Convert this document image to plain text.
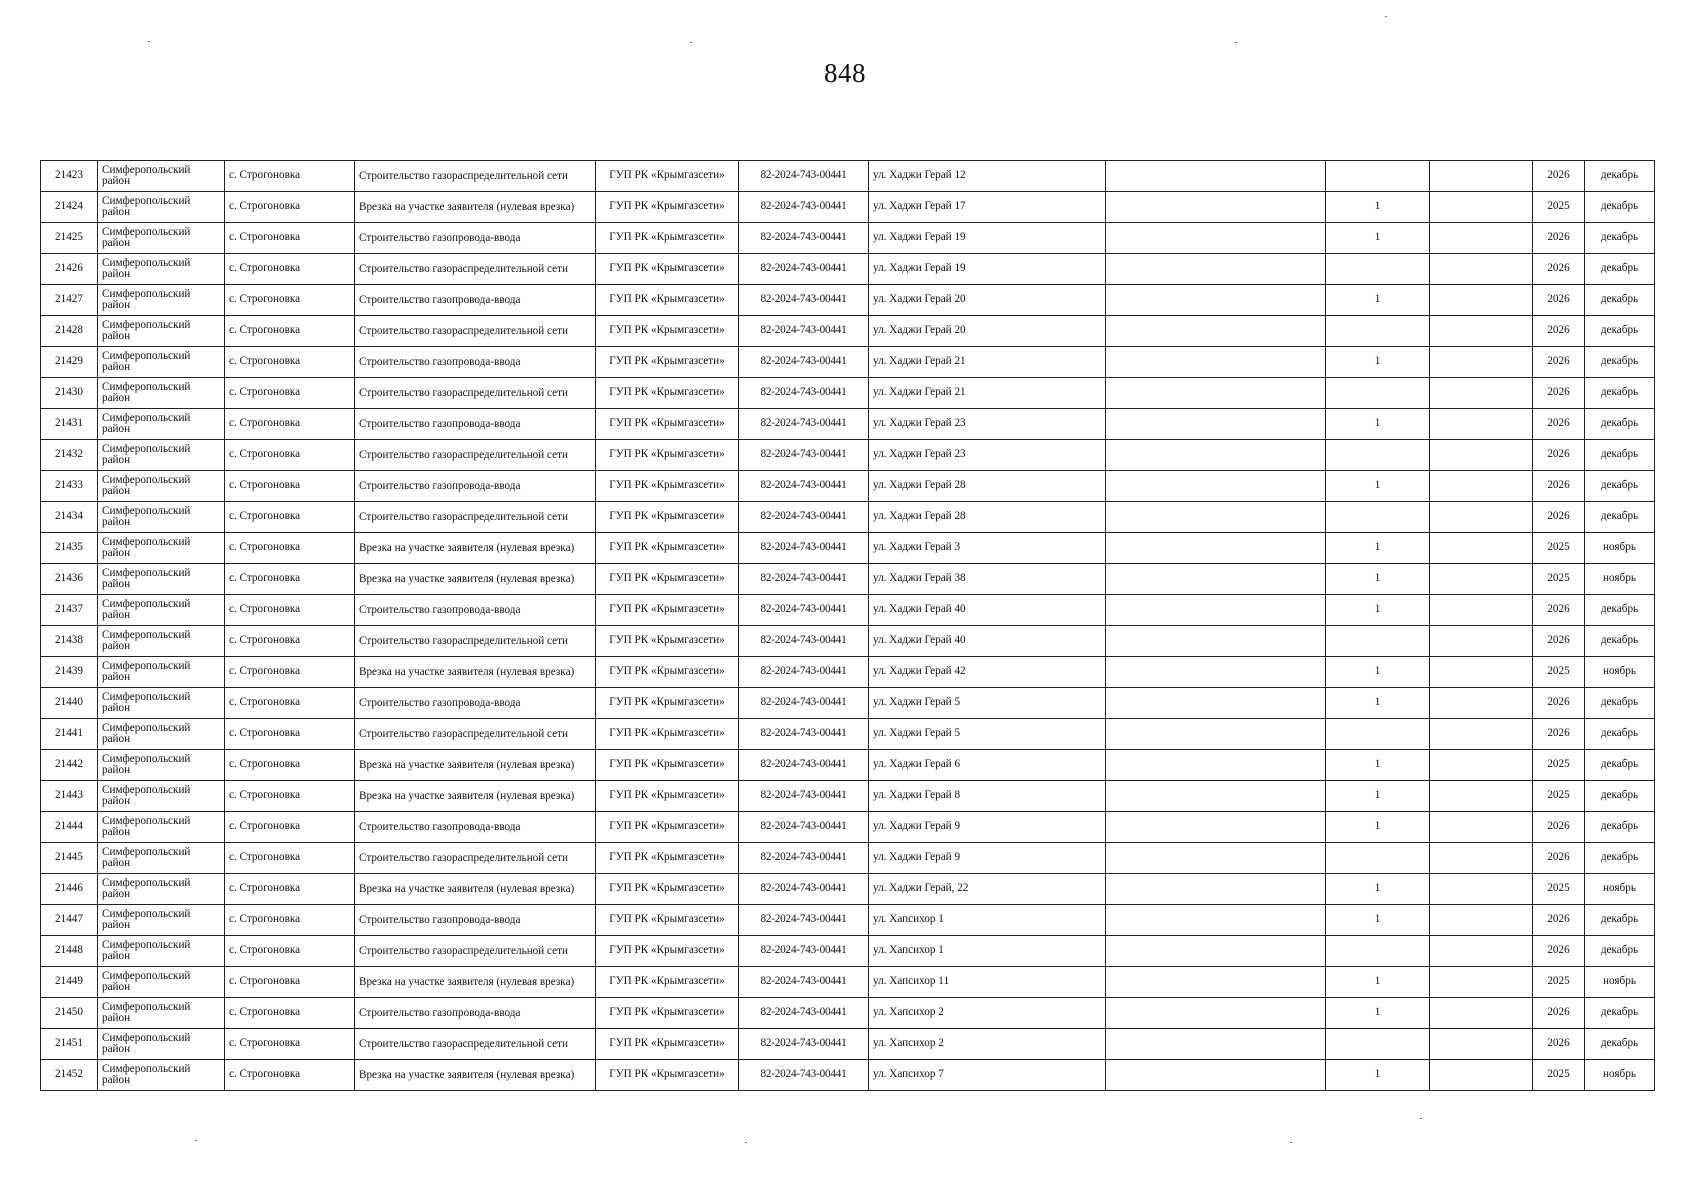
848
21423	Симферопольский район	с. Строгоновка	Строительство газораспределительной сети	ГУП РК «Крымгазсети»	82-2024-743-00441	ул. Хаджи Герай 12				2026	декабрь
21424	Симферопольский район	с. Строгоновка	Врезка на участке заявителя (нулевая врезка)	ГУП РК «Крымгазсети»	82-2024-743-00441	ул. Хаджи Герай 17		1		2025	декабрь
21425	Симферопольский район	с. Строгоновка	Строительство газопровода-ввода	ГУП РК «Крымгазсети»	82-2024-743-00441	ул. Хаджи Герай 19		1		2026	декабрь
21426	Симферопольский район	с. Строгоновка	Строительство газораспределительной сети	ГУП РК «Крымгазсети»	82-2024-743-00441	ул. Хаджи Герай 19				2026	декабрь
21427	Симферопольский район	с. Строгоновка	Строительство газопровода-ввода	ГУП РК «Крымгазсети»	82-2024-743-00441	ул. Хаджи Герай 20		1		2026	декабрь
21428	Симферопольский район	с. Строгоновка	Строительство газораспределительной сети	ГУП РК «Крымгазсети»	82-2024-743-00441	ул. Хаджи Герай 20				2026	декабрь
21429	Симферопольский район	с. Строгоновка	Строительство газопровода-ввода	ГУП РК «Крымгазсети»	82-2024-743-00441	ул. Хаджи Герай 21		1		2026	декабрь
21430	Симферопольский район	с. Строгоновка	Строительство газораспределительной сети	ГУП РК «Крымгазсети»	82-2024-743-00441	ул. Хаджи Герай 21				2026	декабрь
21431	Симферопольский район	с. Строгоновка	Строительство газопровода-ввода	ГУП РК «Крымгазсети»	82-2024-743-00441	ул. Хаджи Герай 23		1		2026	декабрь
21432	Симферопольский район	с. Строгоновка	Строительство газораспределительной сети	ГУП РК «Крымгазсети»	82-2024-743-00441	ул. Хаджи Герай 23				2026	декабрь
21433	Симферопольский район	с. Строгоновка	Строительство газопровода-ввода	ГУП РК «Крымгазсети»	82-2024-743-00441	ул. Хаджи Герай 28		1		2026	декабрь
21434	Симферопольский район	с. Строгоновка	Строительство газораспределительной сети	ГУП РК «Крымгазсети»	82-2024-743-00441	ул. Хаджи Герай 28				2026	декабрь
21435	Симферопольский район	с. Строгоновка	Врезка на участке заявителя (нулевая врезка)	ГУП РК «Крымгазсети»	82-2024-743-00441	ул. Хаджи Герай 3		1		2025	ноябрь
21436	Симферопольский район	с. Строгоновка	Врезка на участке заявителя (нулевая врезка)	ГУП РК «Крымгазсети»	82-2024-743-00441	ул. Хаджи Герай 38		1		2025	ноябрь
21437	Симферопольский район	с. Строгоновка	Строительство газопровода-ввода	ГУП РК «Крымгазсети»	82-2024-743-00441	ул. Хаджи Герай 40		1		2026	декабрь
21438	Симферопольский район	с. Строгоновка	Строительство газораспределительной сети	ГУП РК «Крымгазсети»	82-2024-743-00441	ул. Хаджи Герай 40				2026	декабрь
21439	Симферопольский район	с. Строгоновка	Врезка на участке заявителя (нулевая врезка)	ГУП РК «Крымгазсети»	82-2024-743-00441	ул. Хаджи Герай 42		1		2025	ноябрь
21440	Симферопольский район	с. Строгоновка	Строительство газопровода-ввода	ГУП РК «Крымгазсети»	82-2024-743-00441	ул. Хаджи Герай 5		1		2026	декабрь
21441	Симферопольский район	с. Строгоновка	Строительство газораспределительной сети	ГУП РК «Крымгазсети»	82-2024-743-00441	ул. Хаджи Герай 5				2026	декабрь
21442	Симферопольский район	с. Строгоновка	Врезка на участке заявителя (нулевая врезка)	ГУП РК «Крымгазсети»	82-2024-743-00441	ул. Хаджи Герай 6		1		2025	декабрь
21443	Симферопольский район	с. Строгоновка	Врезка на участке заявителя (нулевая врезка)	ГУП РК «Крымгазсети»	82-2024-743-00441	ул. Хаджи Герай 8		1		2025	декабрь
21444	Симферопольский район	с. Строгоновка	Строительство газопровода-ввода	ГУП РК «Крымгазсети»	82-2024-743-00441	ул. Хаджи Герай 9		1		2026	декабрь
21445	Симферопольский район	с. Строгоновка	Строительство газораспределительной сети	ГУП РК «Крымгазсети»	82-2024-743-00441	ул. Хаджи Герай 9				2026	декабрь
21446	Симферопольский район	с. Строгоновка	Врезка на участке заявителя (нулевая врезка)	ГУП РК «Крымгазсети»	82-2024-743-00441	ул. Хаджи Герай, 22		1		2025	ноябрь
21447	Симферопольский район	с. Строгоновка	Строительство газопровода-ввода	ГУП РК «Крымгазсети»	82-2024-743-00441	ул. Хапсихор 1		1		2026	декабрь
21448	Симферопольский район	с. Строгоновка	Строительство газораспределительной сети	ГУП РК «Крымгазсети»	82-2024-743-00441	ул. Хапсихор 1				2026	декабрь
21449	Симферопольский район	с. Строгоновка	Врезка на участке заявителя (нулевая врезка)	ГУП РК «Крымгазсети»	82-2024-743-00441	ул. Хапсихор 11		1		2025	ноябрь
21450	Симферопольский район	с. Строгоновка	Строительство газопровода-ввода	ГУП РК «Крымгазсети»	82-2024-743-00441	ул. Хапсихор 2		1		2026	декабрь
21451	Симферопольский район	с. Строгоновка	Строительство газораспределительной сети	ГУП РК «Крымгазсети»	82-2024-743-00441	ул. Хапсихор 2				2026	декабрь
21452	Симферопольский район	с. Строгоновка	Врезка на участке заявителя (нулевая врезка)	ГУП РК «Крымгазсети»	82-2024-743-00441	ул. Хапсихор 7		1		2025	ноябрь
